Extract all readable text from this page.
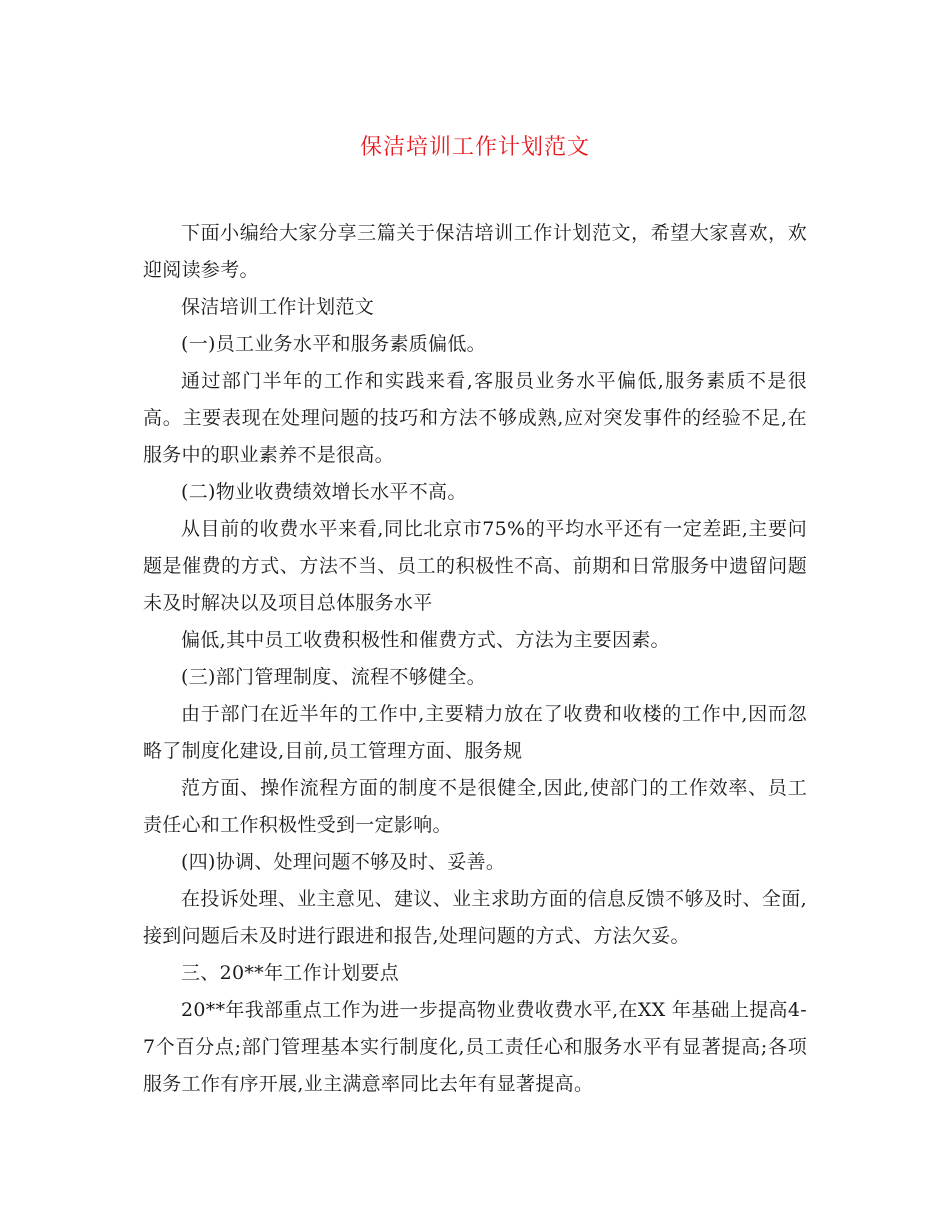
保洁培训工作计划范文

下面小编给大家分享三篇关于保洁培训工作计划范文，希望大家喜欢，欢迎阅读参考。

保洁培训工作计划范文

(一)员工业务水平和服务素质偏低。

通过部门半年的工作和实践来看,客服员业务水平偏低,服务素质不是很高。主要表现在处理问题的技巧和方法不够成熟,应对突发事件的经验不足,在服务中的职业素养不是很高。

(二)物业收费绩效增长水平不高。

从目前的收费水平来看,同比北京市75%的平均水平还有一定差距,主要问题是催费的方式、方法不当、员工的积极性不高、前期和日常服务中遗留问题未及时解决以及项目总体服务水平

偏低,其中员工收费积极性和催费方式、方法为主要因素。

(三)部门管理制度、流程不够健全。

由于部门在近半年的工作中,主要精力放在了收费和收楼的工作中,因而忽略了制度化建设,目前,员工管理方面、服务规

范方面、操作流程方面的制度不是很健全,因此,使部门的工作效率、员工责任心和工作积极性受到一定影响。

(四)协调、处理问题不够及时、妥善。

在投诉处理、业主意见、建议、业主求助方面的信息反馈不够及时、全面,接到问题后未及时进行跟进和报告,处理问题的方式、方法欠妥。

三、20**年工作计划要点

20**年我部重点工作为进一步提高物业费收费水平,在XX 年基础上提高4-7个百分点;部门管理基本实行制度化,员工责任心和服务水平有显著提高;各项服务工作有序开展,业主满意率同比去年有显著提高。
